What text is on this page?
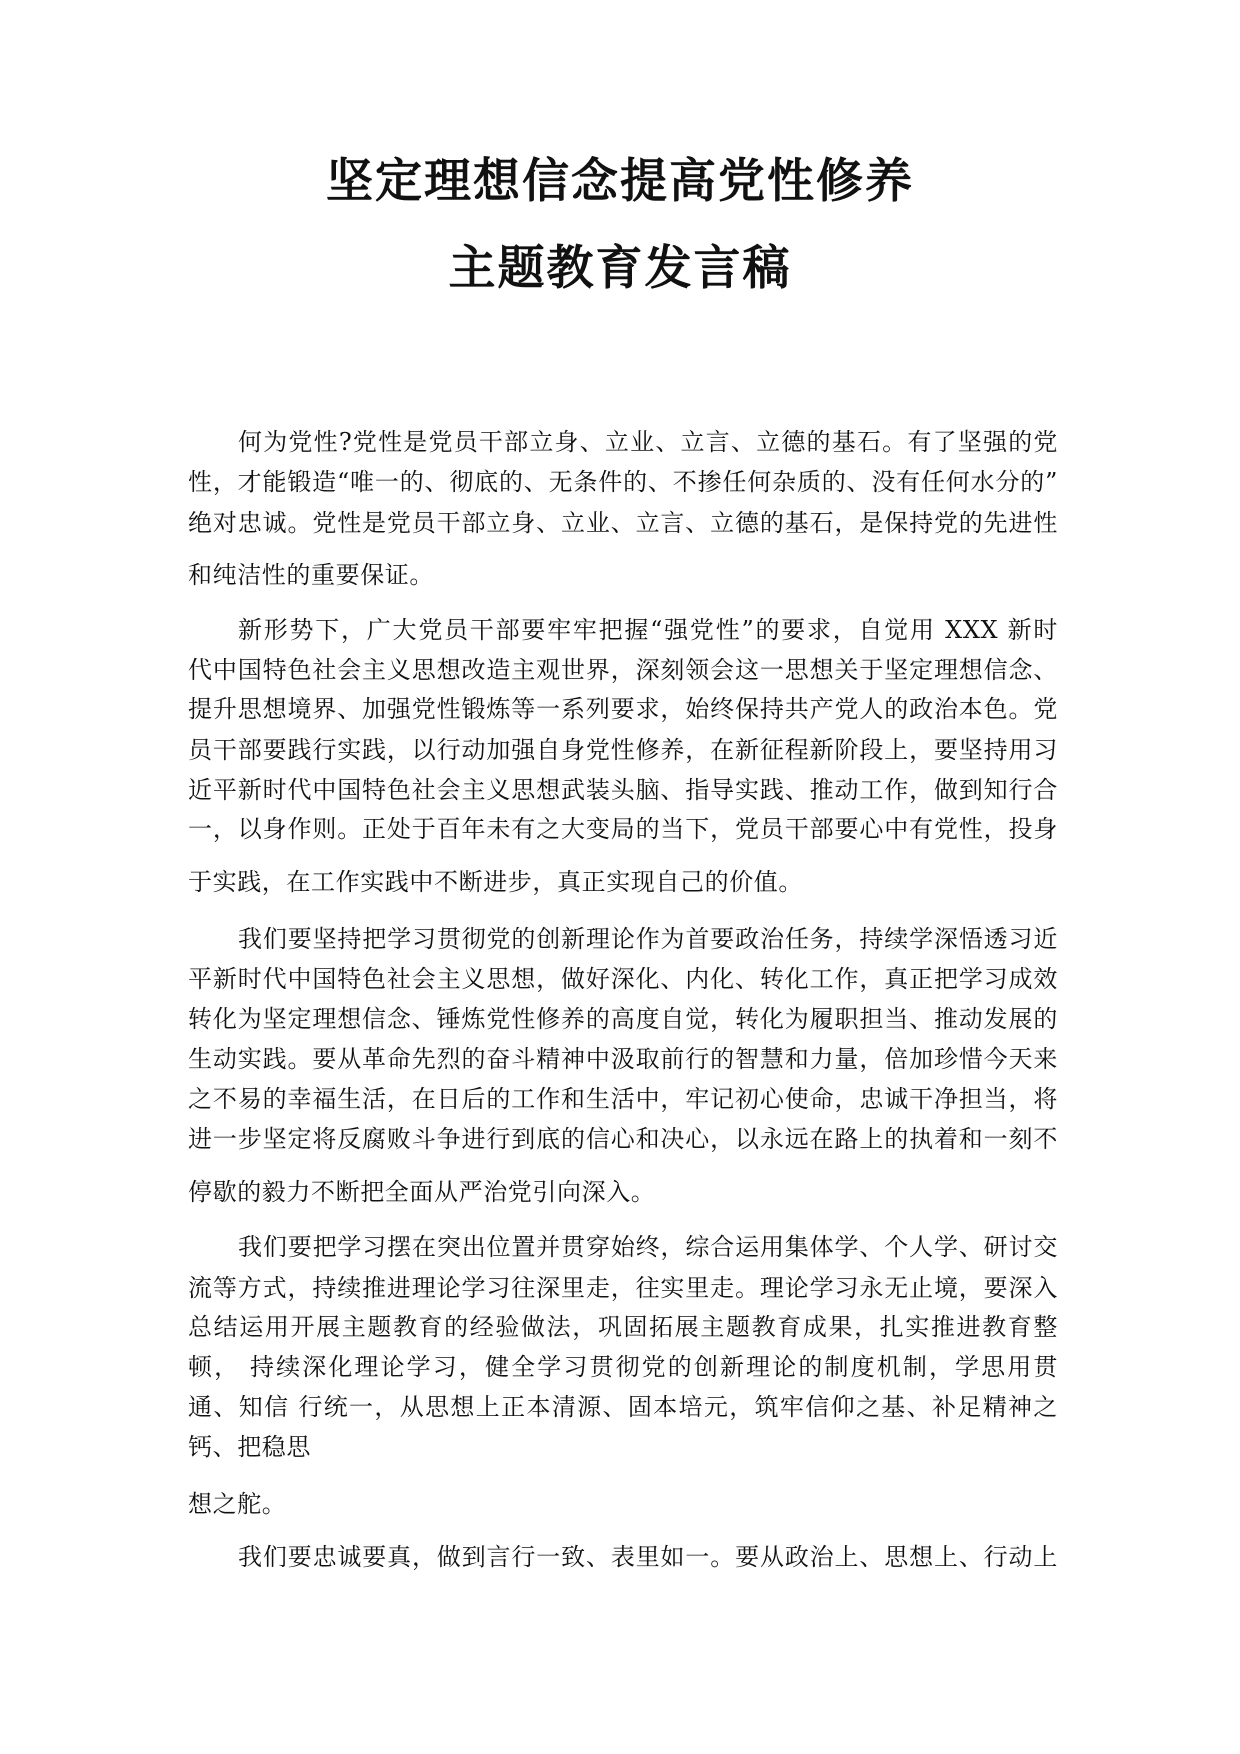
坚定理想信念提高党性修养
主题教育发言稿
何为党性?党性是党员干部立身、立业、立言、立德的基石。有了坚强的党
性，才能锻造“唯一的、彻底的、无条件的、不掺任何杂质的、没有任何水分的”
绝对忠诚。党性是党员干部立身、立业、立言、立德的基石，是保持党的先进性
和纯洁性的重要保证。
新形势下，广大党员干部要牢牢把握“强党性”的要求，自觉用 XXX 新时
代中国特色社会主义思想改造主观世界，深刻领会这一思想关于坚定理想信念、
提升思想境界、加强党性锻炼等一系列要求，始终保持共产党人的政治本色。党
员干部要践行实践，以行动加强自身党性修养，在新征程新阶段上，要坚持用习
近平新时代中国特色社会主义思想武装头脑、指导实践、推动工作，做到知行合
一，以身作则。正处于百年未有之大变局的当下，党员干部要心中有党性，投身
于实践，在工作实践中不断进步，真正实现自己的价值。
我们要坚持把学习贯彻党的创新理论作为首要政治任务，持续学深悟透习近
平新时代中国特色社会主义思想，做好深化、内化、转化工作，真正把学习成效
转化为坚定理想信念、锤炼党性修养的高度自觉，转化为履职担当、推动发展的
生动实践。要从革命先烈的奋斗精神中汲取前行的智慧和力量，倍加珍惜今天来
之不易的幸福生活，在日后的工作和生活中，牢记初心使命，忠诚干净担当，将
进一步坚定将反腐败斗争进行到底的信心和决心，以永远在路上的执着和一刻不
停歇的毅力不断把全面从严治党引向深入。
我们要把学习摆在突出位置并贯穿始终，综合运用集体学、个人学、研讨交
流等方式，持续推进理论学习往深里走，往实里走。理论学习永无止境，要深入
总结运用开展主题教育的经验做法，巩固拓展主题教育成果，扎实推进教育整
顿， 持续深化理论学习，健全学习贯彻党的创新理论的制度机制，学思用贯
通、知信 行统一，从思想上正本清源、固本培元，筑牢信仰之基、补足精神之
钙、把稳思
想之舵。
我们要忠诚要真，做到言行一致、表里如一。要从政治上、思想上、行动上
